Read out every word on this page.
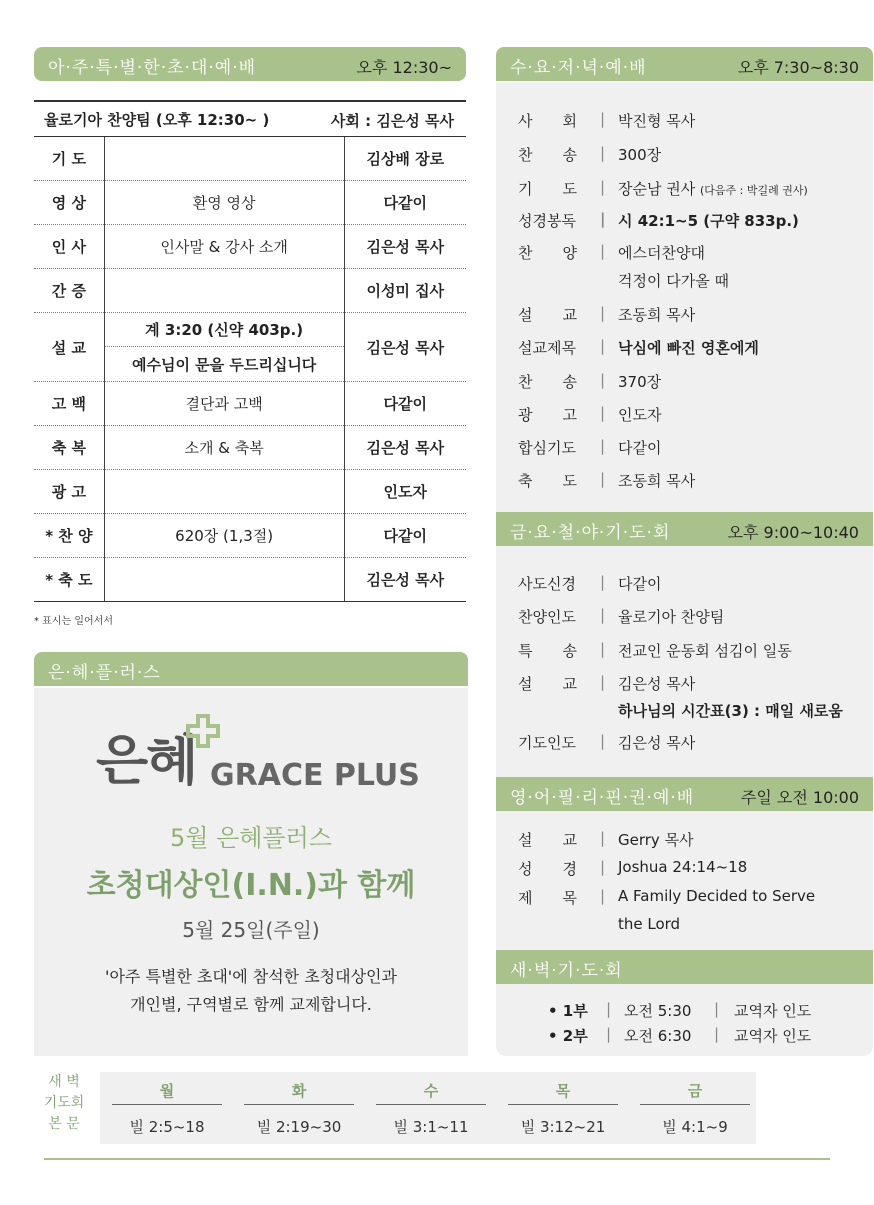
아·주·특·별·한·초·대·예·배	오후 12:30~
율로기아 찬양팀 (오후 12:30~ ) 사회 : 김은성 목사		

기 도		김상배 장로
영 상	환영 영상	다같이
인 사	인사말 & 강사 소개	김은성 목사
간 증		이성미 집사
설 교	계 3:20 (신약 403p.)	김은성 목사
	예수님이 문을 두드리십니다	
고 백	결단과 고백	다같이
축 복	소개 & 축복	김은성 목사
광 고		인도자
* 찬 양	620장 (1,3절)	다같이
* 축 도		김은성 목사
* 표시는 일어서서
은·혜·플·러·스
은혜 GRACE PLUS
5월 은혜플러스
초청대상인(I.N.)과 함께
5월 25일(주일)
'아주 특별한 초대'에 참석한 초청대상인과
개인별, 구역별로 함께 교제합니다.
수·요·저·녁·예·배	오후 7:30~8:30
사　　회 | 박진형 목사
찬　　송 | 300장
기　　도 | 장순남 권사 (다음주 : 박길례 권사)
성경봉독 | 시 42:1~5 (구약 833p.)
찬　　양 | 에스더찬양대
걱정이 다가올 때
설　　교 | 조동희 목사
설교제목 | 낙심에 빠진 영혼에게
찬　　송 | 370장
광　　고 | 인도자
합심기도 | 다같이
축　　도 | 조동희 목사
금·요·철·야·기·도·회	오후 9:00~10:40
사도신경 | 다같이
찬양인도 | 율로기아 찬양팀
특　　송 | 전교인 운동회 섬김이 일동
설　　교 | 김은성 목사
하나님의 시간표(3) : 매일 새로움
기도인도 | 김은성 목사
영·어·필·리·핀·권·예·배	주일 오전 10:00
설　　교 | Gerry 목사
성　　경 | Joshua 24:14~18
제　　목 | A Family Decided to Serve
the Lord
새·벽·기·도·회
• 1부 | 오전 5:30 | 교역자 인도
• 2부 | 오전 6:30 | 교역자 인도
새 벽
기도회
본 문
월	화	수	목	금
빌 2:5~18	빌 2:19~30	빌 3:1~11	빌 3:12~21	빌 4:1~9
